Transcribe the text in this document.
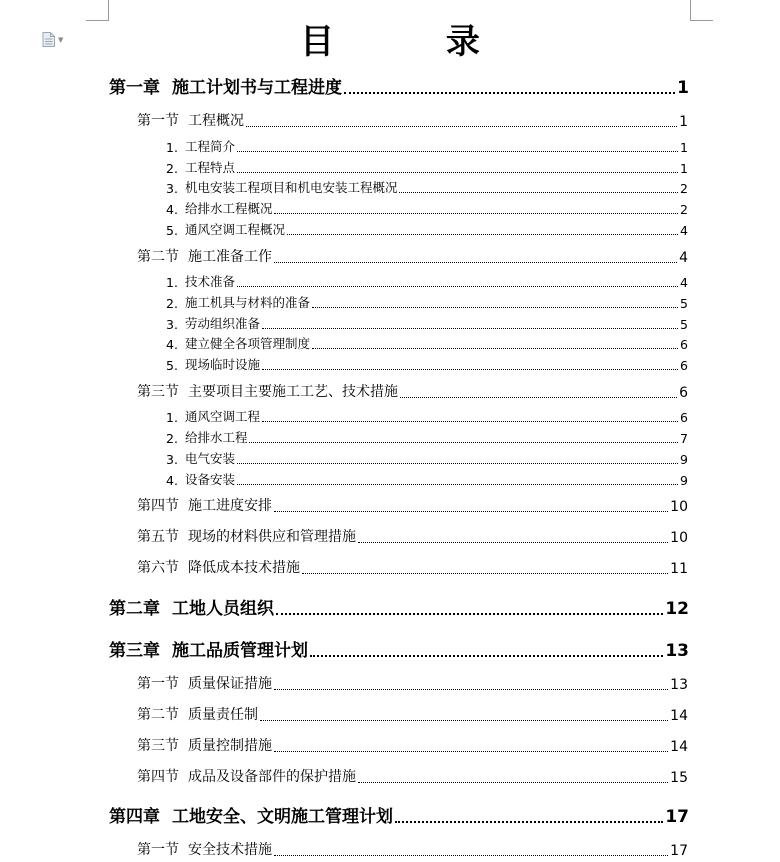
▼	目 录
第一章 施工计划书与工程进度	1
第一节 工程概况	1
1. 工程简介	1
2. 工程特点	1
3. 机电安装工程项目和机电安装工程概况	2
4. 给排水工程概况	2
5. 通风空调工程概况	4
第二节 施工准备工作	4
1. 技术准备	4
2. 施工机具与材料的准备	5
3. 劳动组织准备	5
4. 建立健全各项管理制度	6
5. 现场临时设施	6
第三节 主要项目主要施工工艺、技术措施	6
1. 通风空调工程	6
2. 给排水工程	7
3. 电气安装	9
4. 设备安装	9
第四节 施工进度安排	10
第五节 现场的材料供应和管理措施	10
第六节 降低成本技术措施	11
第二章 工地人员组织	12
第三章 施工品质管理计划	13
第一节 质量保证措施	13
第二节 质量责任制	14
第三节 质量控制措施	14
第四节 成品及设备部件的保护措施	15
第四章 工地安全、文明施工管理计划	17
第一节 安全技术措施	17
